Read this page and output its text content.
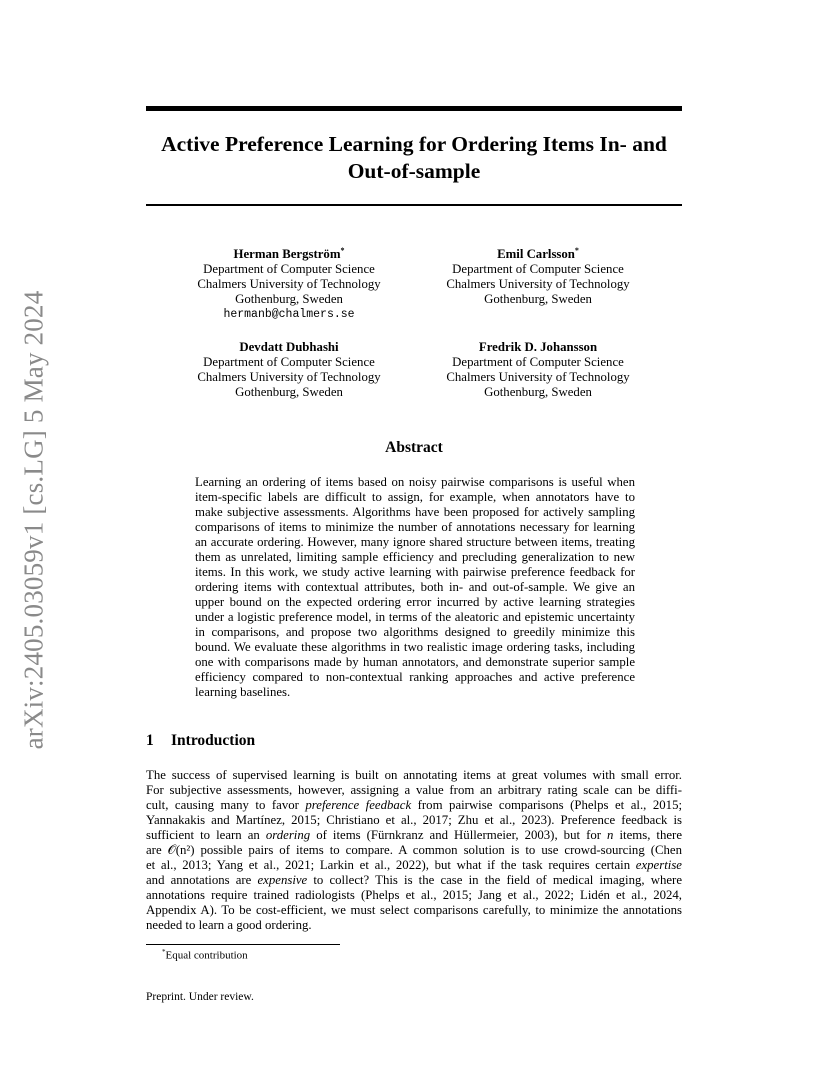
arXiv:2405.03059v1 [cs.LG] 5 May 2024
Active Preference Learning for Ordering Items In- and
Out-of-sample
Herman Bergström*
Department of Computer Science
Chalmers University of Technology
Gothenburg, Sweden
hermanb@chalmers.se
Emil Carlsson*
Department of Computer Science
Chalmers University of Technology
Gothenburg, Sweden
Devdatt Dubhashi
Department of Computer Science
Chalmers University of Technology
Gothenburg, Sweden
Fredrik D. Johansson
Department of Computer Science
Chalmers University of Technology
Gothenburg, Sweden
Abstract
Learning an ordering of items based on noisy pairwise comparisons is useful when item-specific labels are difficult to assign, for example, when annotators have to make subjective assessments. Algorithms have been proposed for actively sampling comparisons of items to minimize the number of annotations necessary for learning an accurate ordering. However, many ignore shared structure between items, treating them as unrelated, limiting sample efficiency and precluding generalization to new items. In this work, we study active learning with pairwise preference feedback for ordering items with contextual attributes, both in- and out-of-sample. We give an upper bound on the expected ordering error incurred by active learning strategies under a logistic preference model, in terms of the aleatoric and epistemic uncertainty in comparisons, and propose two algorithms designed to greedily minimize this bound. We evaluate these algorithms in two realistic image ordering tasks, including one with comparisons made by human annotators, and demonstrate superior sample efficiency compared to non-contextual ranking approaches and active preference learning baselines.
1 Introduction
The success of supervised learning is built on annotating items at great volumes with small error.
For subjective assessments, however, assigning a value from an arbitrary rating scale can be diffi-
cult, causing many to favor preference feedback from pairwise comparisons (Phelps et al., 2015;
Yannakakis and Martínez, 2015; Christiano et al., 2017; Zhu et al., 2023). Preference feedback is
sufficient to learn an ordering of items (Fürnkranz and Hüllermeier, 2003), but for n items, there
are 𝒪(n²) possible pairs of items to compare. A common solution is to use crowd-sourcing (Chen
et al., 2013; Yang et al., 2021; Larkin et al., 2022), but what if the task requires certain expertise
and annotations are expensive to collect? This is the case in the field of medical imaging, where
annotations require trained radiologists (Phelps et al., 2015; Jang et al., 2022; Lidén et al., 2024,
Appendix A). To be cost-efficient, we must select comparisons carefully, to minimize the annotations
needed to learn a good ordering.
*Equal contribution
Preprint. Under review.
